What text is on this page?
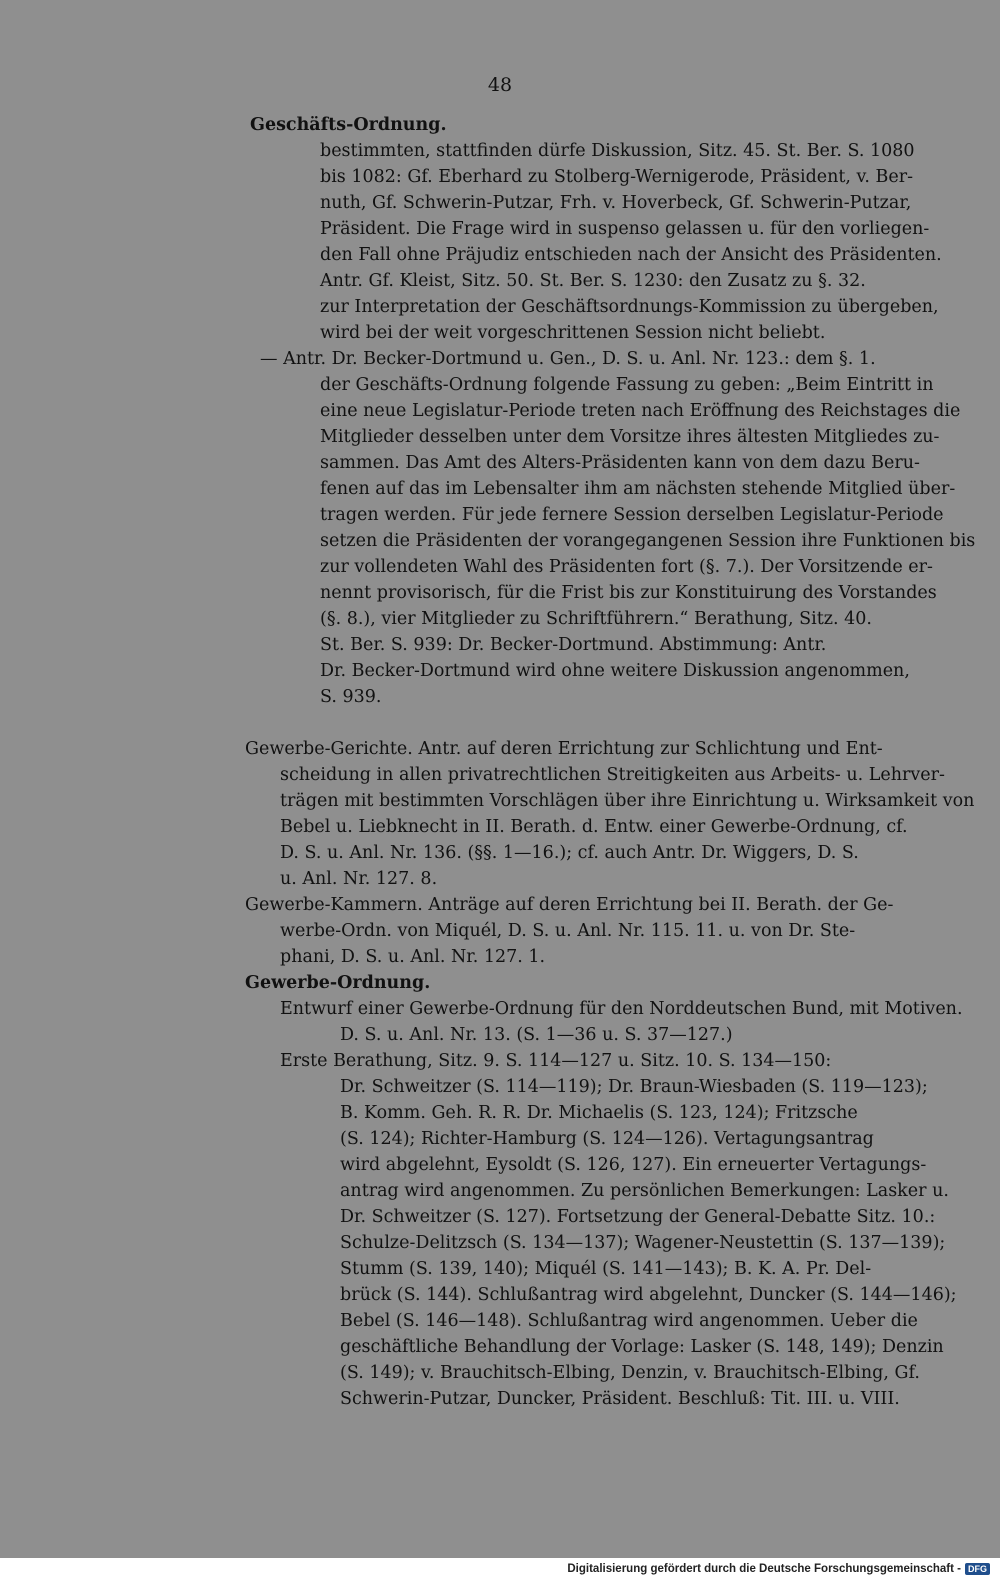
48
Geschäfts-Ordnung.
bestimmten, stattfinden dürfe Diskussion, Sitz. 45. St. Ber. S. 1080
bis 1082: Gf. Eberhard zu Stolberg-Wernigerode, Präsident, v. Ber-
nuth, Gf. Schwerin-Putzar, Frh. v. Hoverbeck, Gf. Schwerin-Putzar,
Präsident. Die Frage wird in suspenso gelassen u. für den vorliegen-
den Fall ohne Präjudiz entschieden nach der Ansicht des Präsidenten.
Antr. Gf. Kleist, Sitz. 50. St. Ber. S. 1230: den Zusatz zu §. 32.
zur Interpretation der Geschäftsordnungs-Kommission zu übergeben,
wird bei der weit vorgeschrittenen Session nicht beliebt.
— Antr. Dr. Becker-Dortmund u. Gen., D. S. u. Anl. Nr. 123.: dem §. 1.
der Geschäfts-Ordnung folgende Fassung zu geben: „Beim Eintritt in
eine neue Legislatur-Periode treten nach Eröffnung des Reichstages die
Mitglieder desselben unter dem Vorsitze ihres ältesten Mitgliedes zu-
sammen. Das Amt des Alters-Präsidenten kann von dem dazu Beru-
fenen auf das im Lebensalter ihm am nächsten stehende Mitglied über-
tragen werden. Für jede fernere Session derselben Legislatur-Periode
setzen die Präsidenten der vorangegangenen Session ihre Funktionen bis
zur vollendeten Wahl des Präsidenten fort (§. 7.). Der Vorsitzende er-
nennt provisorisch, für die Frist bis zur Konstituirung des Vorstandes
(§. 8.), vier Mitglieder zu Schriftführern.“ Berathung, Sitz. 40.
St. Ber. S. 939: Dr. Becker-Dortmund. Abstimmung: Antr.
Dr. Becker-Dortmund wird ohne weitere Diskussion angenommen,
S. 939.
Gewerbe-Gerichte. Antr. auf deren Errichtung zur Schlichtung und Ent-
scheidung in allen privatrechtlichen Streitigkeiten aus Arbeits- u. Lehrver-
trägen mit bestimmten Vorschlägen über ihre Einrichtung u. Wirksamkeit von
Bebel u. Liebknecht in II. Berath. d. Entw. einer Gewerbe-Ordnung, cf.
D. S. u. Anl. Nr. 136. (§§. 1—16.); cf. auch Antr. Dr. Wiggers, D. S.
u. Anl. Nr. 127. 8.
Gewerbe-Kammern. Anträge auf deren Errichtung bei II. Berath. der Ge-
werbe-Ordn. von Miquél, D. S. u. Anl. Nr. 115. 11. u. von Dr. Ste-
phani, D. S. u. Anl. Nr. 127. 1.
Gewerbe-Ordnung.
Entwurf einer Gewerbe-Ordnung für den Norddeutschen Bund, mit Motiven.
D. S. u. Anl. Nr. 13. (S. 1—36 u. S. 37—127.)
Erste Berathung, Sitz. 9. S. 114—127 u. Sitz. 10. S. 134—150:
Dr. Schweitzer (S. 114—119); Dr. Braun-Wiesbaden (S. 119—123);
B. Komm. Geh. R. R. Dr. Michaelis (S. 123, 124); Fritzsche
(S. 124); Richter-Hamburg (S. 124—126). Vertagungsantrag
wird abgelehnt, Eysoldt (S. 126, 127). Ein erneuerter Vertagungs-
antrag wird angenommen. Zu persönlichen Bemerkungen: Lasker u.
Dr. Schweitzer (S. 127). Fortsetzung der General-Debatte Sitz. 10.:
Schulze-Delitzsch (S. 134—137); Wagener-Neustettin (S. 137—139);
Stumm (S. 139, 140); Miquél (S. 141—143); B. K. A. Pr. Del-
brück (S. 144). Schlußantrag wird abgelehnt, Duncker (S. 144—146);
Bebel (S. 146—148). Schlußantrag wird angenommen. Ueber die
geschäftliche Behandlung der Vorlage: Lasker (S. 148, 149); Denzin
(S. 149); v. Brauchitsch-Elbing, Denzin, v. Brauchitsch-Elbing, Gf.
Schwerin-Putzar, Duncker, Präsident. Beschluß: Tit. III. u. VIII.
Digitalisierung gefördert durch die Deutsche Forschungsgemeinschaft - DFG
